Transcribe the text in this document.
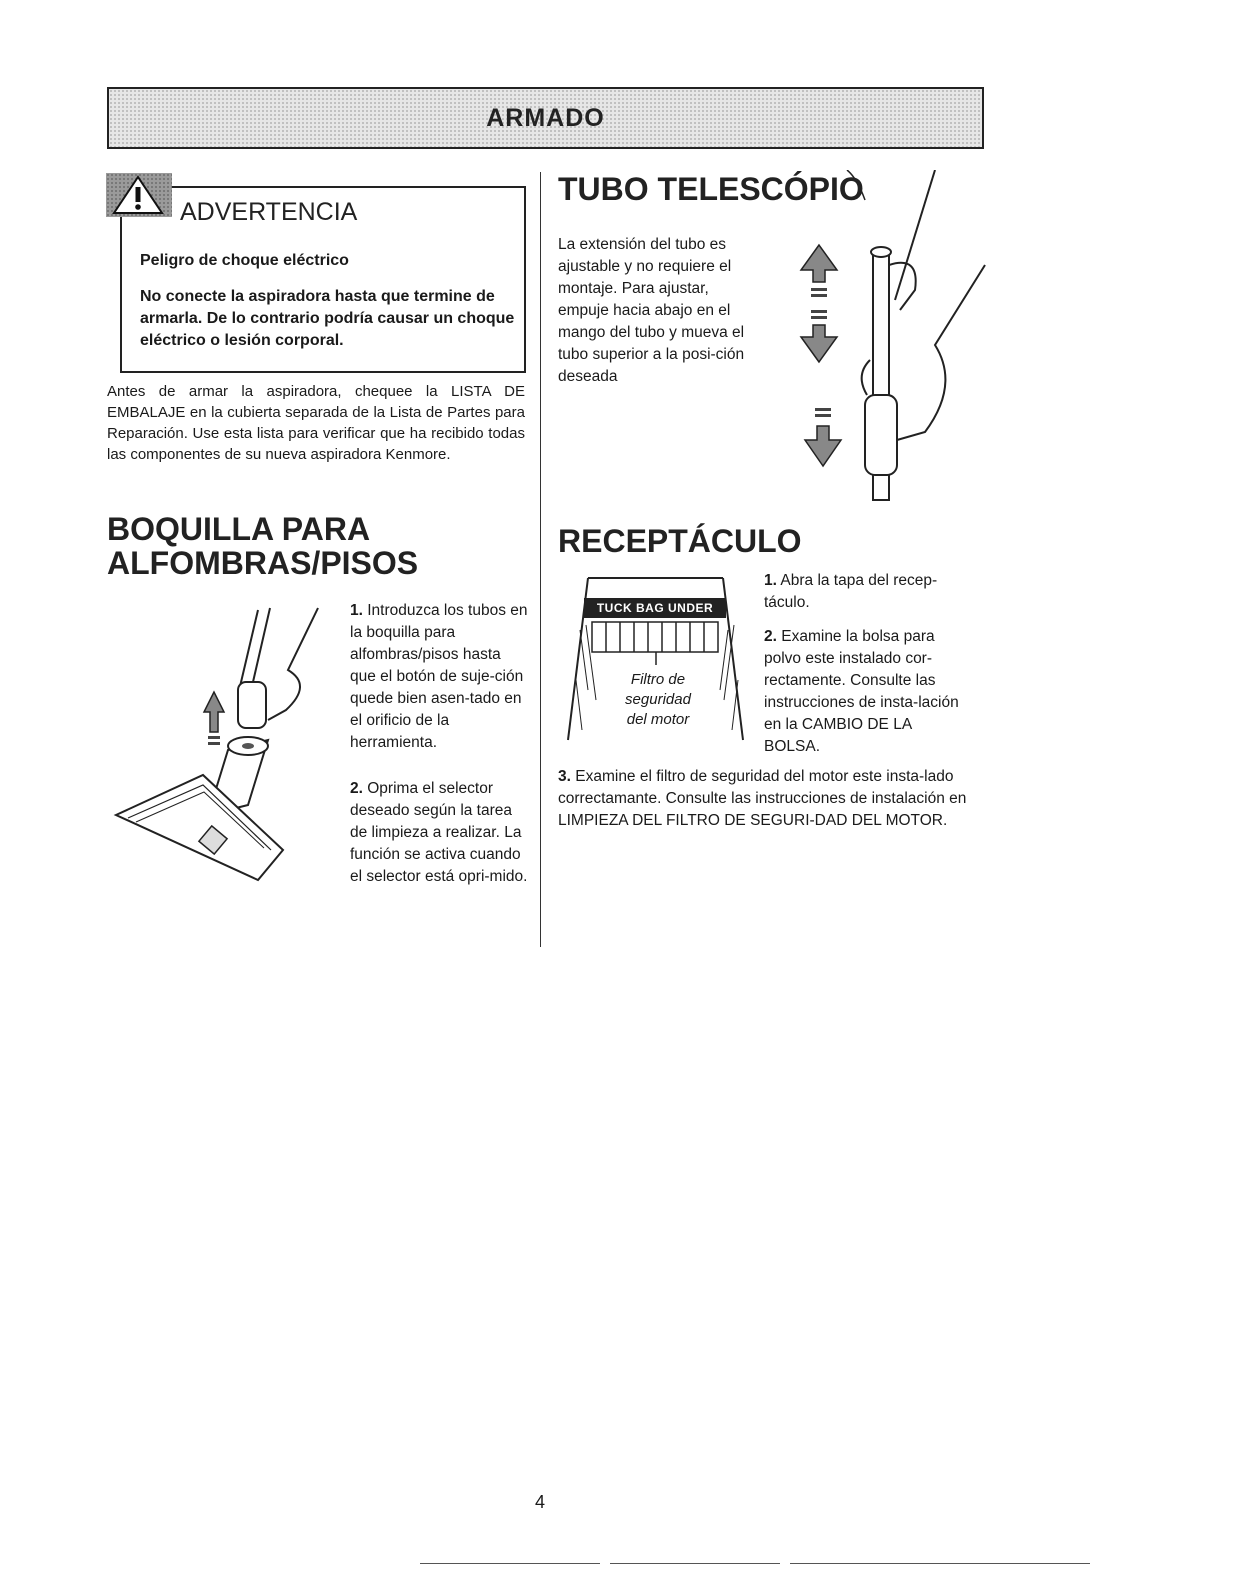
ARMADO
ADVERTENCIA
Peligro de choque eléctrico
No conecte la aspiradora hasta que termine de armarla. De lo contrario podría causar un choque eléctrico o lesión corporal.
Antes de armar la aspiradora, chequee la LISTA DE EMBALAJE en la cubierta separada de la Lista de Partes para Reparación. Use esta lista para verificar que ha recibido todas las componentes de su nueva aspiradora Kenmore.
BOQUILLA PARA
ALFOMBRAS/PISOS
1. Introduzca los tubos en la boquilla para alfombras/pisos hasta que el botón de suje-ción quede bien asen-tado en el orificio de la herramienta.
2. Oprima el selector deseado según la tarea de limpieza a realizar. La función se activa cuando el selector está opri-mido.
TUBO TELESCÓPIO
La extensión del tubo es ajustable y no requiere el montaje. Para ajustar, empuje hacia abajo en el mango del tubo y mueva el tubo superior a la posi-ción deseada
RECEPTÁCULO
TUCK BAG UNDER
Filtro de
seguridad
del motor
1. Abra la tapa del recep-táculo.
2. Examine la bolsa para polvo este instalado cor-rectamente. Consulte las instrucciones de insta-lación en la CAMBIO DE LA BOLSA.
3. Examine el filtro de seguridad del motor este insta-lado correctamante. Consulte las instrucciones de instalación en LIMPIEZA DEL FILTRO DE SEGURI-DAD DEL MOTOR.
4
